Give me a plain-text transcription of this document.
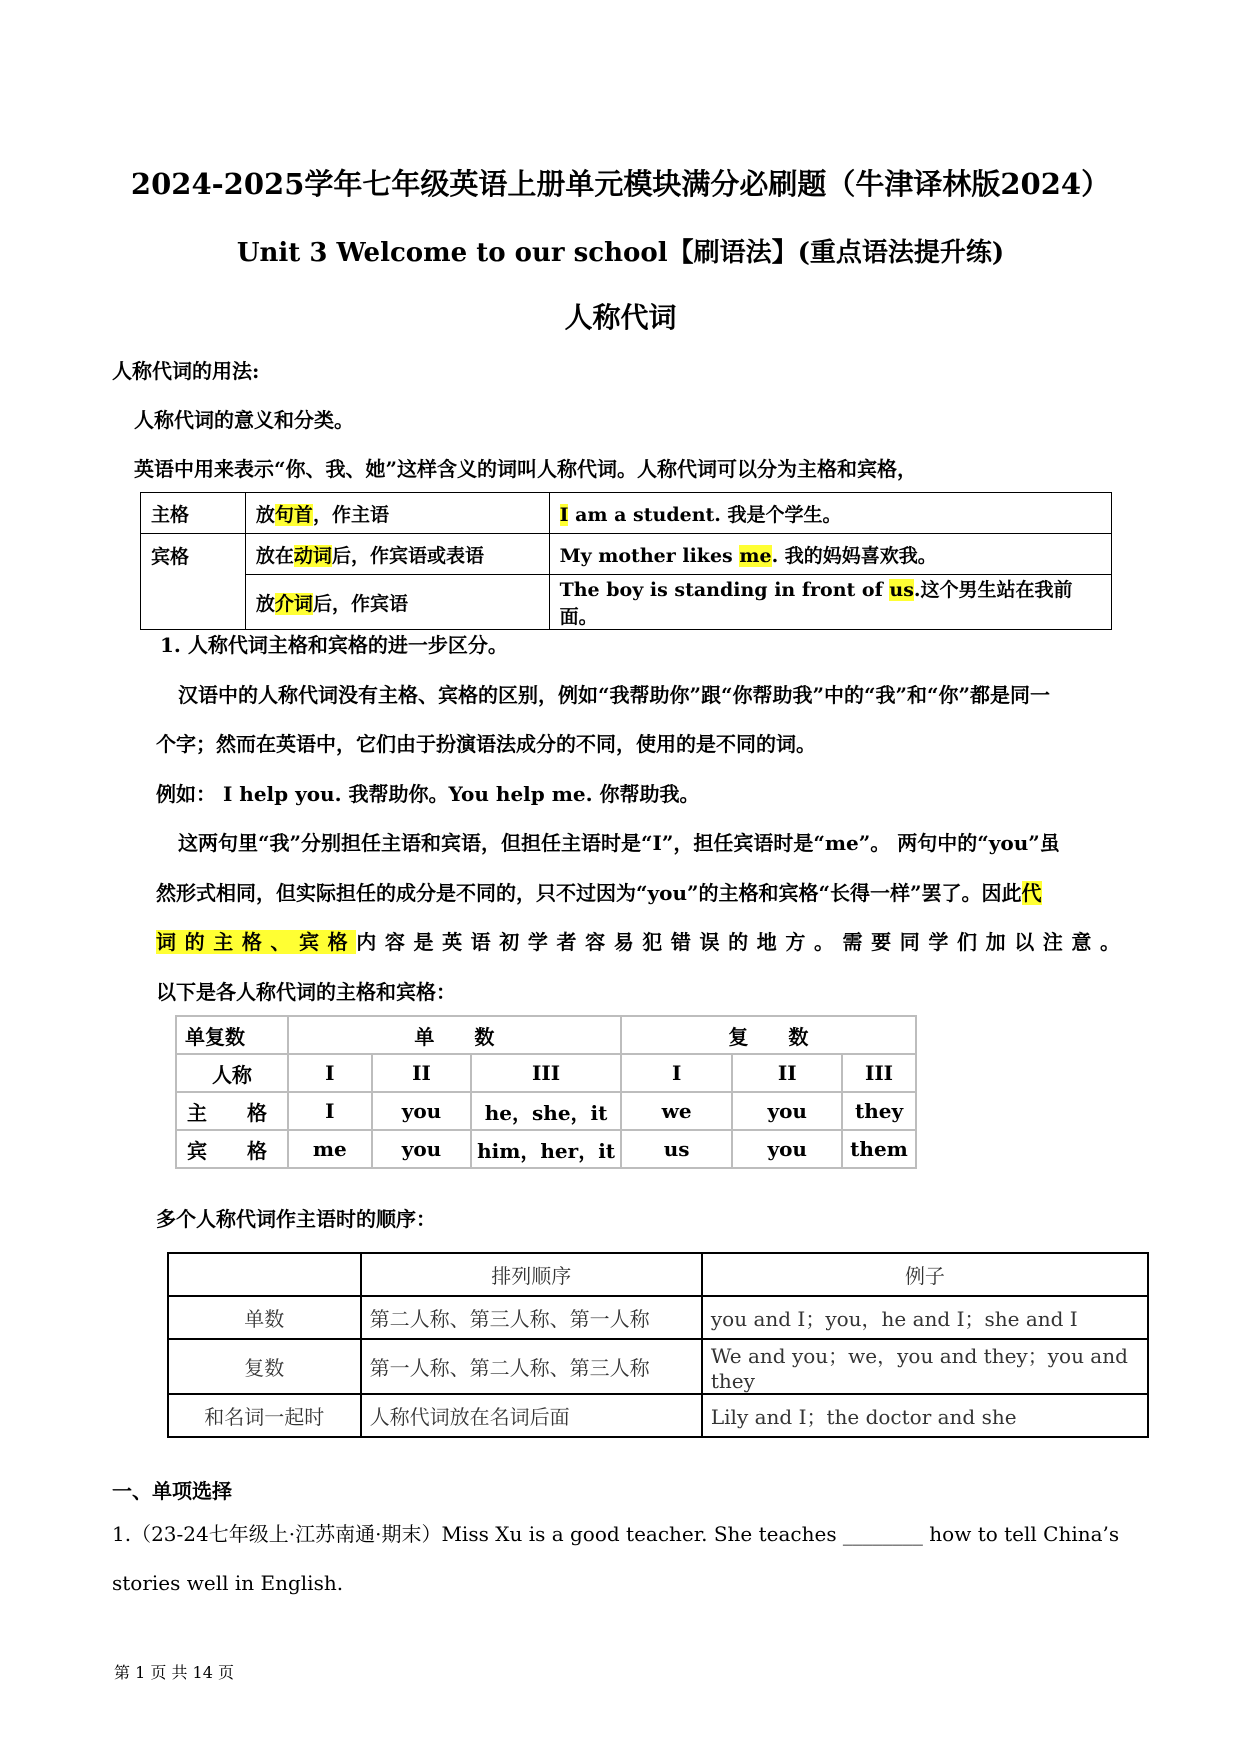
2024-2025学年七年级英语上册单元模块满分必刷题（牛津译林版2024）
Unit 3 Welcome to our school【刷语法】(重点语法提升练)
人称代词
人称代词的用法:
人称代词的意义和分类。
英语中用来表示“你、我、她”这样含义的词叫人称代词。人称代词可以分为主格和宾格，
主格	放句首，作主语	I am a student. 我是个学生。
宾格	放在动词后，作宾语或表语	My mother likes me. 我的妈妈喜欢我。
	放介词后，作宾语	The boy is standing in front of us.这个男生站在我前面。
1. 人称代词主格和宾格的进一步区分。
汉语中的人称代词没有主格、宾格的区别，例如“我帮助你”跟“你帮助我”中的“我”和“你”都是同一
个字；然而在英语中，它们由于扮演语法成分的不同，使用的是不同的词。
例如： I help you. 我帮助你。You help me. 你帮助我。
这两句里“我”分别担任主语和宾语，但担任主语时是“I”，担任宾语时是“me”。 两句中的“you”虽
然形式相同，但实际担任的成分是不同的，只不过因为“you”的主格和宾格“长得一样”罢了。因此代
词的主格、宾格内容是英语初学者容易犯错误的地方。需要同学们加以注意。
以下是各人称代词的主格和宾格：
单复数	单　　数			复　　数		
人称	I	II	III	I	II	III
主　　格	I	you	he，she，it	we	you	they
宾　　格	me	you	him，her，it	us	you	them
多个人称代词作主语时的顺序：
	排列顺序	例子
单数	第二人称、第三人称、第一人称	you and I；you，he and I；she and I
复数	第一人称、第二人称、第三人称	We and you；we，you and they；you and they
和名词一起时	人称代词放在名词后面	Lily and I；the doctor and she
一、单项选择
1.（23-24七年级上·江苏南通·期末）Miss Xu is a good teacher. She teaches ________ how to tell China’s
stories well in English.
第 1 页 共 14 页
